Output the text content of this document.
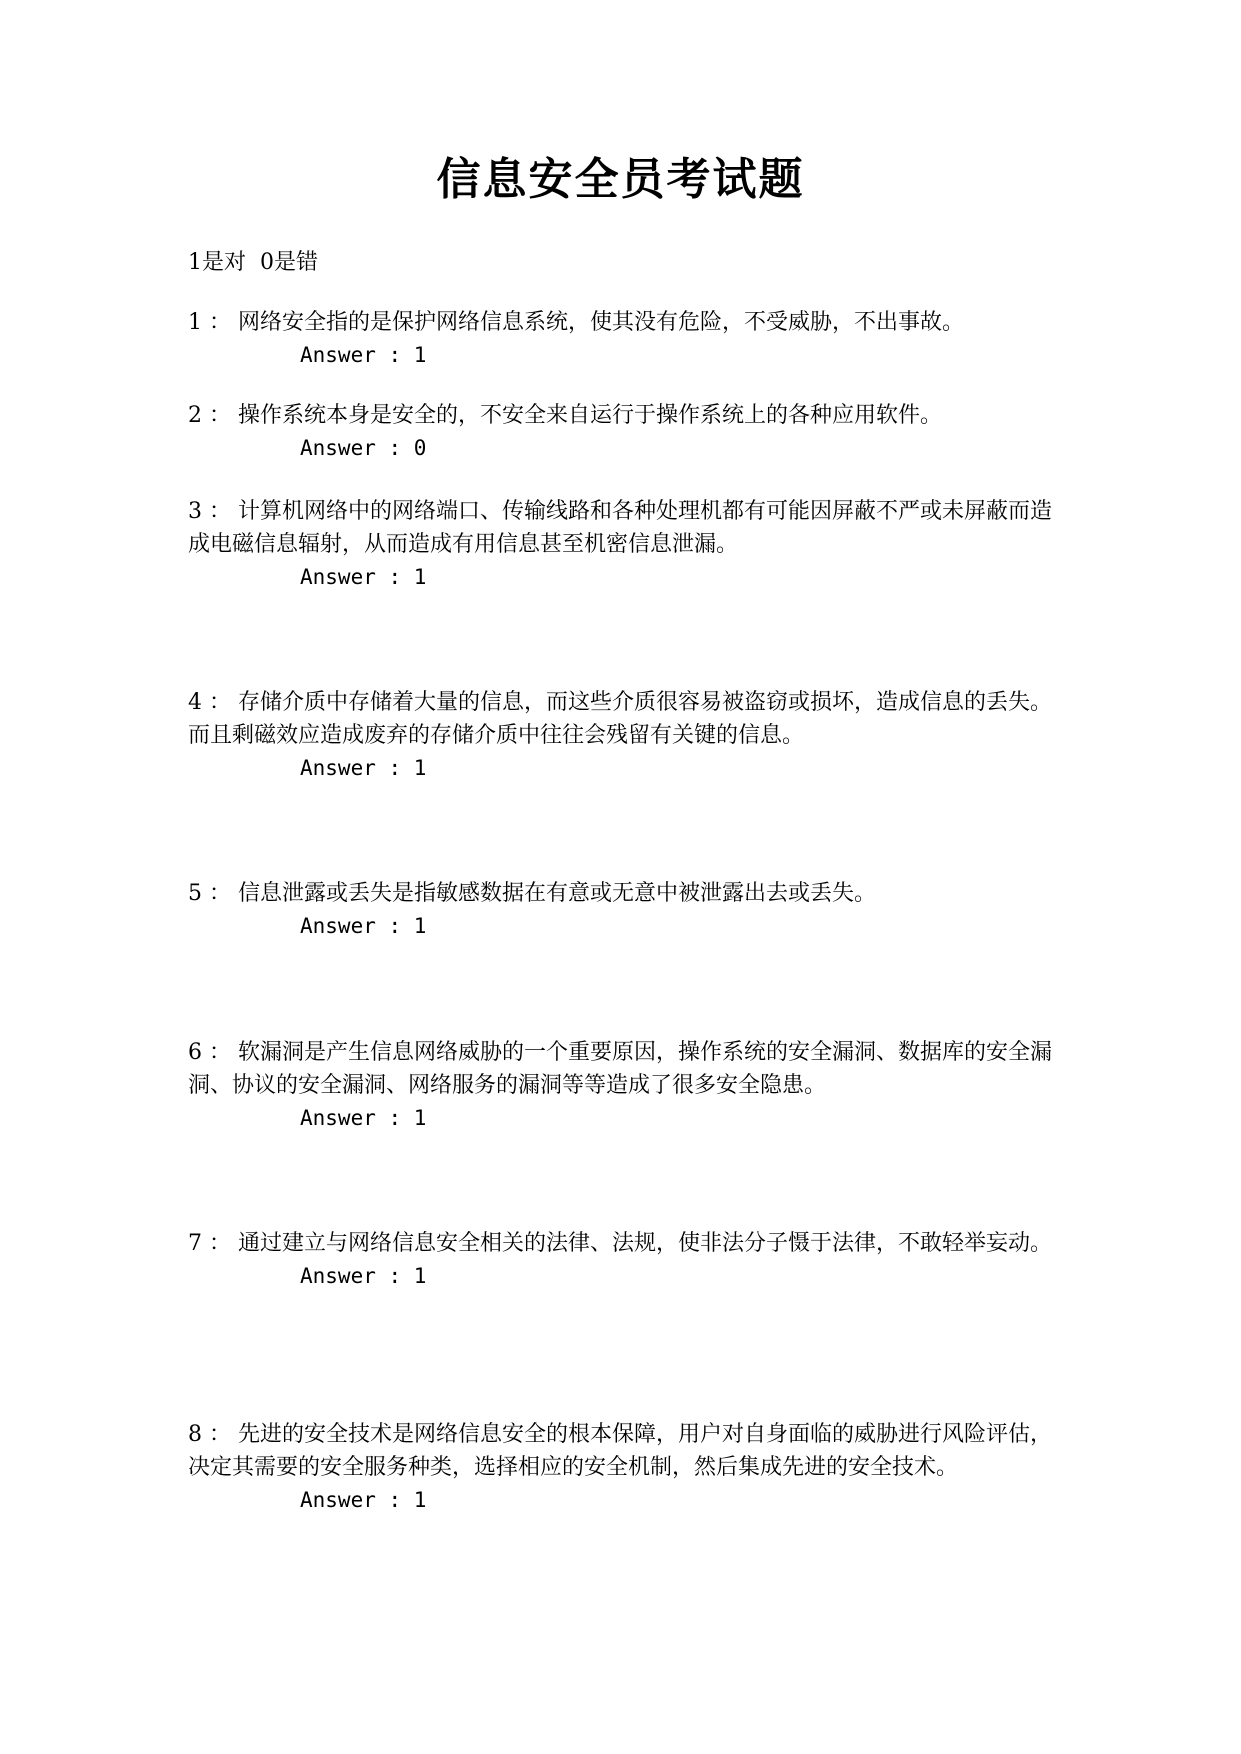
信息安全员考试题
1是对  0是错

1 ： 网络安全指的是保护网络信息系统，使其没有危险，不受威胁，不出事故。

Answer : 1

2 ： 操作系统本身是安全的，不安全来自运行于操作系统上的各种应用软件。

Answer : 0

3 ： 计算机网络中的网络端口、传输线路和各种处理机都有可能因屏蔽不严或未屏蔽而造成电磁信息辐射，从而造成有用信息甚至机密信息泄漏。

Answer : 1

4 ： 存储介质中存储着大量的信息，而这些介质很容易被盗窃或损坏，造成信息的丢失。而且剩磁效应造成废弃的存储介质中往往会残留有关键的信息。

Answer : 1

5 ： 信息泄露或丢失是指敏感数据在有意或无意中被泄露出去或丢失。

Answer : 1

6 ： 软漏洞是产生信息网络威胁的一个重要原因，操作系统的安全漏洞、数据库的安全漏洞、协议的安全漏洞、网络服务的漏洞等等造成了很多安全隐患。

Answer : 1

7 ： 通过建立与网络信息安全相关的法律、法规，使非法分子慑于法律，不敢轻举妄动。

Answer : 1

8 ： 先进的安全技术是网络信息安全的根本保障，用户对自身面临的威胁进行风险评估，决定其需要的安全服务种类，选择相应的安全机制，然后集成先进的安全技术。

Answer : 1
